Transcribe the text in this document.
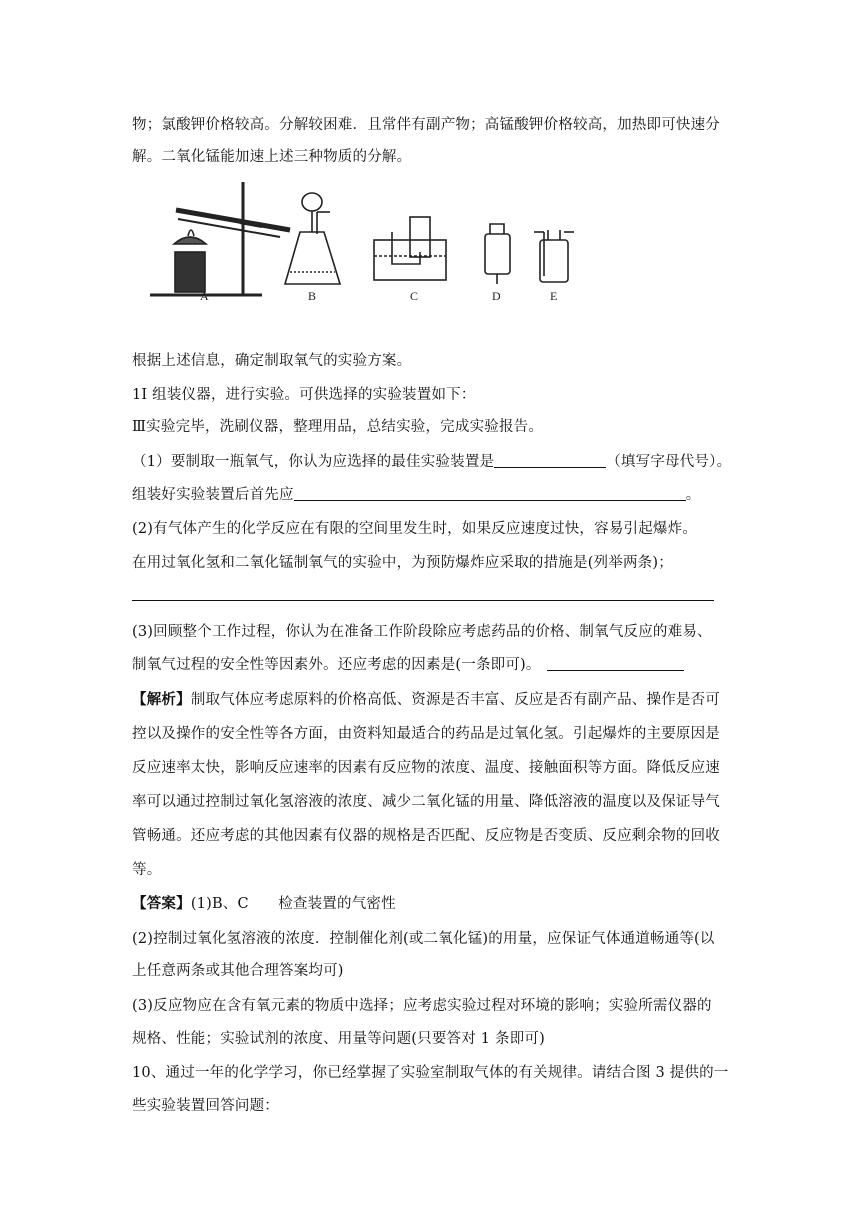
物；氯酸钾价格较高。分解较困难．且常伴有副产物；高锰酸钾价格较高，加热即可快速分
解。二氧化锰能加速上述三种物质的分解。
A	B	C	D	E
根据上述信息，确定制取氧气的实验方案。
1I 组装仪器，进行实验。可供选择的实验装置如下：
Ⅲ实验完毕，洗刷仪器，整理用品，总结实验，完成实验报告。
（1）要制取一瓶氧气，你认为应选择的最佳实验装置是	（填写字母代号）。
组装好实验装置后首先应	。
(2)有气体产生的化学反应在有限的空间里发生时，如果反应速度过快，容易引起爆炸。
在用过氧化氢和二氧化锰制氧气的实验中，为预防爆炸应采取的措施是(列举两条)；
(3)回顾整个工作过程，你认为在准备工作阶段除应考虑药品的价格、制氧气反应的难易、
制氧气过程的安全性等因素外。还应考虑的因素是(一条即可)。
【解析】制取气体应考虑原料的价格高低、资源是否丰富、反应是否有副产品、操作是否可
控以及操作的安全性等各方面，由资料知最适合的药品是过氧化氢。引起爆炸的主要原因是
反应速率太快，影响反应速率的因素有反应物的浓度、温度、接触面积等方面。降低反应速
率可以通过控制过氧化氢溶液的浓度、减少二氧化锰的用量、降低溶液的温度以及保证导气
管畅通。还应考虑的其他因素有仪器的规格是否匹配、反应物是否变质、反应剩余物的回收
等。
【答案】(1)B、C　　检查装置的气密性
(2)控制过氧化氢溶液的浓度．控制催化剂(或二氧化锰)的用量，应保证气体通道畅通等(以
上任意两条或其他合理答案均可)
(3)反应物应在含有氧元素的物质中选择；应考虑实验过程对环境的影响；实验所需仪器的
规格、性能；实验试剂的浓度、用量等问题(只要答对 1 条即可)
10、通过一年的化学学习，你已经掌握了实验室制取气体的有关规律。请结合图 3 提供的一
些实验装置回答问题：
